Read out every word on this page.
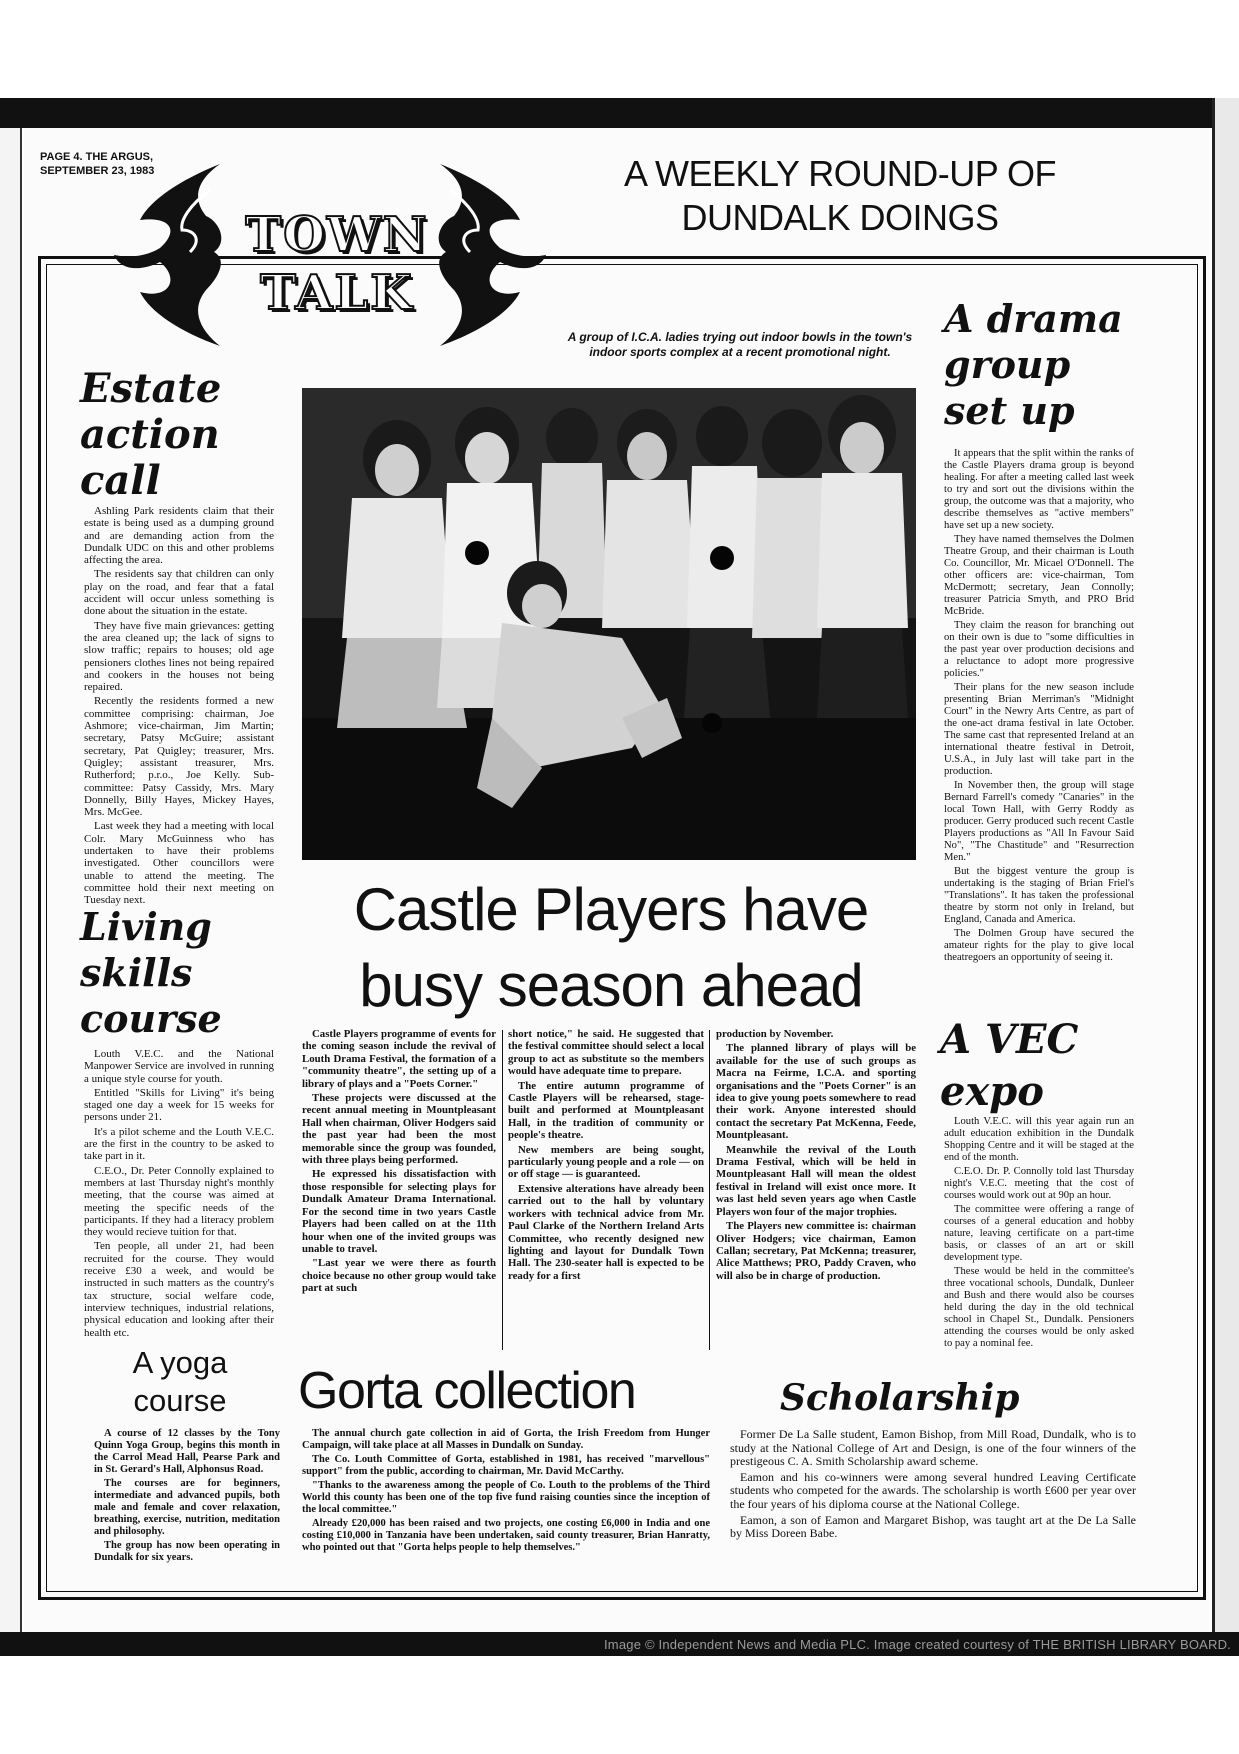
PAGE 4. THE ARGUS,
SEPTEMBER 23, 1983	A WEEKLY ROUND-UP OF
DUNDALK DOINGS
TOWN
TALK
A group of I.C.A. ladies trying out indoor bowls in the town's indoor sports complex at a recent promotional night.
Estate
action
call

Ashling Park residents claim that their estate is being used as a dumping ground and are demanding action from the Dundalk UDC on this and other problems affecting the area.

The residents say that children can only play on the road, and fear that a fatal accident will occur unless something is done about the situation in the estate.

They have five main grievances: getting the area cleaned up; the lack of signs to slow traffic; repairs to houses; old age pensioners clothes lines not being repaired and cookers in the houses not being repaired.

Recently the residents formed a new committee comprising: chairman, Joe Ashmore; vice-chairman, Jim Martin; secretary, Patsy McGuire; assistant secretary, Pat Quigley; treasurer, Mrs. Quigley; assistant treasurer, Mrs. Rutherford; p.r.o., Joe Kelly. Sub-committee: Patsy Cassidy, Mrs. Mary Donnelly, Billy Hayes, Mickey Hayes, Mrs. McGee.

Last week they had a meeting with local Colr. Mary McGuinness who has undertaken to have their problems investigated. Other councillors were unable to attend the meeting. The committee hold their next meeting on Tuesday next.

Living
skills
course

Louth V.E.C. and the National Manpower Service are involved in running a unique style course for youth.

Entitled "Skills for Living" it's being staged one day a week for 15 weeks for persons under 21.

It's a pilot scheme and the Louth V.E.C. are the first in the country to be asked to take part in it.

C.E.O., Dr. Peter Connolly explained to members at last Thursday night's monthly meeting, that the course was aimed at meeting the specific needs of the participants. If they had a literacy problem they would recieve tuition for that.

Ten people, all under 21, had been recruited for the course. They would receive £30 a week, and would be instructed in such matters as the country's tax structure, social welfare code, interview techniques, industrial relations, physical education and looking after their health etc.

A yoga
course

A course of 12 classes by the Tony Quinn Yoga Group, begins this month in the Carrol Mead Hall, Pearse Park and in St. Gerard's Hall, Alphonsus Road.

The courses are for beginners, intermediate and advanced pupils, both male and female and cover relaxation, breathing, exercise, nutrition, meditation and philosophy.

The group has now been operating in Dundalk for six years.

Castle Players have
busy season ahead

Castle Players programme of events for the coming season include the revival of Louth Drama Festival, the formation of a "community theatre", the setting up of a library of plays and a "Poets Corner."

These projects were discussed at the recent annual meeting in Mountpleasant Hall when chairman, Oliver Hodgers said the past year had been the most memorable since the group was founded, with three plays being performed.

He expressed his dissatisfaction with those responsible for selecting plays for Dundalk Amateur Drama International. For the second time in two years Castle Players had been called on at the 11th hour when one of the invited groups was unable to travel.

"Last year we were there as fourth choice because no other group would take part at such

short notice," he said. He suggested that the festival committee should select a local group to act as substitute so the members would have adequate time to prepare.

The entire autumn programme of Castle Players will be rehearsed, stage-built and performed at Mountpleasant Hall, in the tradition of community or people's theatre.

New members are being sought, particularly young people and a role — on or off stage — is guaranteed.

Extensive alterations have already been carried out to the hall by voluntary workers with technical advice from Mr. Paul Clarke of the Northern Ireland Arts Committee, who recently designed new lighting and layout for Dundalk Town Hall. The 230-seater hall is expected to be ready for a first

production by November.

The planned library of plays will be available for the use of such groups as Macra na Feirme, I.C.A. and sporting organisations and the "Poets Corner" is an idea to give young poets somewhere to read their work. Anyone interested should contact the secretary Pat McKenna, Feede, Mountpleasant.

Meanwhile the revival of the Louth Drama Festival, which will be held in Mountpleasant Hall will mean the oldest festival in Ireland will exist once more. It was last held seven years ago when Castle Players won four of the major trophies.

The Players new committee is: chairman Oliver Hodgers; vice chairman, Eamon Callan; secretary, Pat McKenna; treasurer, Alice Matthews; PRO, Paddy Craven, who will also be in charge of production.

Gorta collection

The annual church gate collection in aid of Gorta, the Irish Freedom from Hunger Campaign, will take place at all Masses in Dundalk on Sunday.

The Co. Louth Committee of Gorta, established in 1981, has received "marvellous" support" from the public, according to chairman, Mr. David McCarthy.

"Thanks to the awareness among the people of Co. Louth to the problems of the Third World this county has been one of the top five fund raising counties since the inception of the local committee."

Already £20,000 has been raised and two projects, one costing £6,000 in India and one costing £10,000 in Tanzania have been undertaken, said county treasurer, Brian Hanratty, who pointed out that "Gorta helps people to help themselves."

A drama
group
set up

It appears that the split within the ranks of the Castle Players drama group is beyond healing. For after a meeting called last week to try and sort out the divisions within the group, the outcome was that a majority, who describe themselves as "active members" have set up a new society.

They have named themselves the Dolmen Theatre Group, and their chairman is Louth Co. Councillor, Mr. Micael O'Donnell. The other officers are: vice-chairman, Tom McDermott; secretary, Jean Connolly; treasurer Patricia Smyth, and PRO Brid McBride.

They claim the reason for branching out on their own is due to "some difficulties in the past year over production decisions and a reluctance to adopt more progressive policies."

Their plans for the new season include presenting Brian Merriman's "Midnight Court" in the Newry Arts Centre, as part of the one-act drama festival in late October. The same cast that represented Ireland at an international theatre festival in Detroit, U.S.A., in July last will take part in the production.

In November then, the group will stage Bernard Farrell's comedy "Canaries" in the local Town Hall, with Gerry Roddy as producer. Gerry produced such recent Castle Players productions as "All In Favour Said No", "The Chastitude" and "Resurrection Men."

But the biggest venture the group is undertaking is the staging of Brian Friel's "Translations". It has taken the professional theatre by storm not only in Ireland, but England, Canada and America.

The Dolmen Group have secured the amateur rights for the play to give local theatregoers an opportunity of seeing it.

A VEC
expo

Louth V.E.C. will this year again run an adult education exhibition in the Dundalk Shopping Centre and it will be staged at the end of the month.

C.E.O. Dr. P. Connolly told last Thursday night's V.E.C. meeting that the cost of courses would work out at 90p an hour.

The committee were offering a range of courses of a general education and hobby nature, leaving certificate on a part-time basis, or classes of an art or skill development type.

These would be held in the committee's three vocational schools, Dundalk, Dunleer and Bush and there would also be courses held during the day in the old technical school in Chapel St., Dundalk. Pensioners attending the courses would be only asked to pay a nominal fee.

Scholarship

Former De La Salle student, Eamon Bishop, from Mill Road, Dundalk, who is to study at the National College of Art and Design, is one of the four winners of the prestigeous C. A. Smith Scholarship award scheme.

Eamon and his co-winners were among several hundred Leaving Certificate students who competed for the awards. The scholarship is worth £600 per year over the four years of his diploma course at the National College.

Eamon, a son of Eamon and Margaret Bishop, was taught art at the De La Salle by Miss Doreen Babe.

Image © Independent News and Media PLC. Image created courtesy of THE BRITISH LIBRARY BOARD.
